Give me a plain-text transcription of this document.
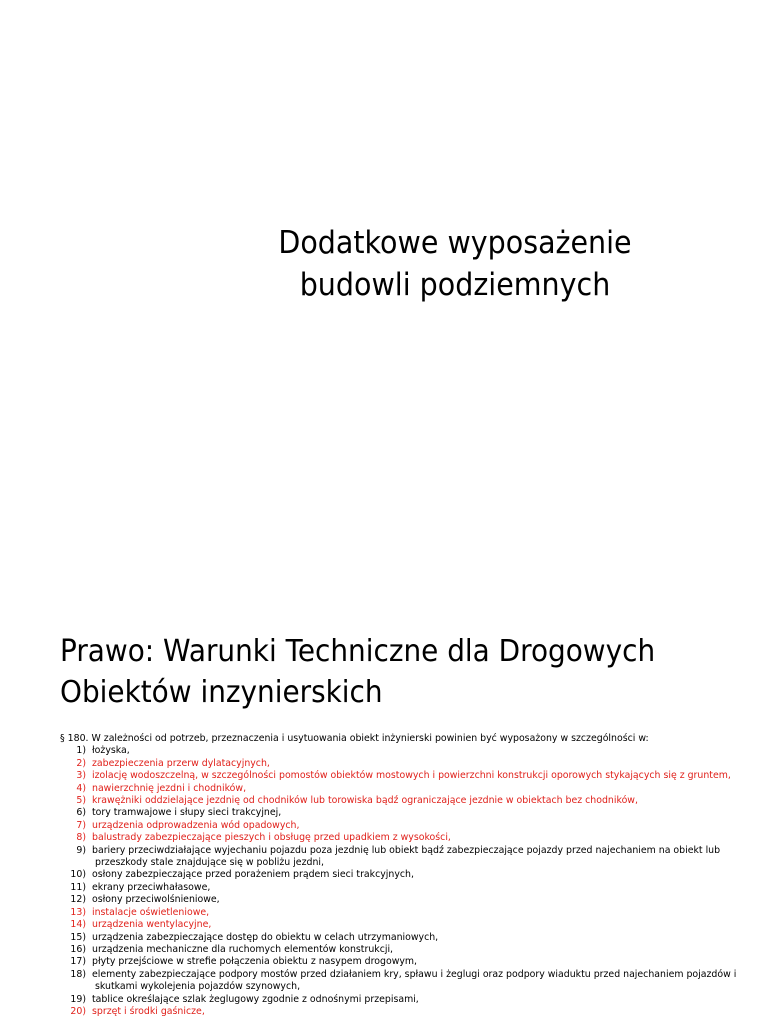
Dodatkowe wyposażenie
budowli podziemnych
Prawo: Warunki Techniczne dla Drogowych
Obiektów inzynierskich

§ 180. W zależności od potrzeb, przeznaczenia i usytuowania obiekt inżynierski powinien być wyposażony w szczególności w:

1) łożyska,
2) zabezpieczenia przerw dylatacyjnych,
3) izolację wodoszczelną, w szczególności pomostów obiektów mostowych i powierzchni konstrukcji oporowych stykających się z gruntem,
4) nawierzchnię jezdni i chodników,
5) krawężniki oddzielające jezdnię od chodników lub torowiska bądź ograniczające jezdnie w obiektach bez chodników,
6) tory tramwajowe i słupy sieci trakcyjnej,
7) urządzenia odprowadzenia wód opadowych,
8) balustrady zabezpieczające pieszych i obsługę przed upadkiem z wysokości,
9) bariery przeciwdziałające wyjechaniu pojazdu poza jezdnię lub obiekt bądź zabezpieczające pojazdy przed najechaniem na obiekt lub
przeszkody stale znajdujące się w pobliżu jezdni,
10) osłony zabezpieczające przed porażeniem prądem sieci trakcyjnych,
11) ekrany przeciwhałasowe,
12) osłony przeciwolśnieniowe,
13) instalacje oświetleniowe,
14) urządzenia wentylacyjne,
15) urządzenia zabezpieczające dostęp do obiektu w celach utrzymaniowych,
16) urządzenia mechaniczne dla ruchomych elementów konstrukcji,
17) płyty przejściowe w strefie połączenia obiektu z nasypem drogowym,
18) elementy zabezpieczające podpory mostów przed działaniem kry, spławu i żeglugi oraz podpory wiaduktu przed najechaniem pojazdów i
skutkami wykolejenia pojazdów szynowych,
19) tablice określające szlak żeglugowy zgodnie z odnośnymi przepisami,
20) sprzęt i środki gaśnicze,
